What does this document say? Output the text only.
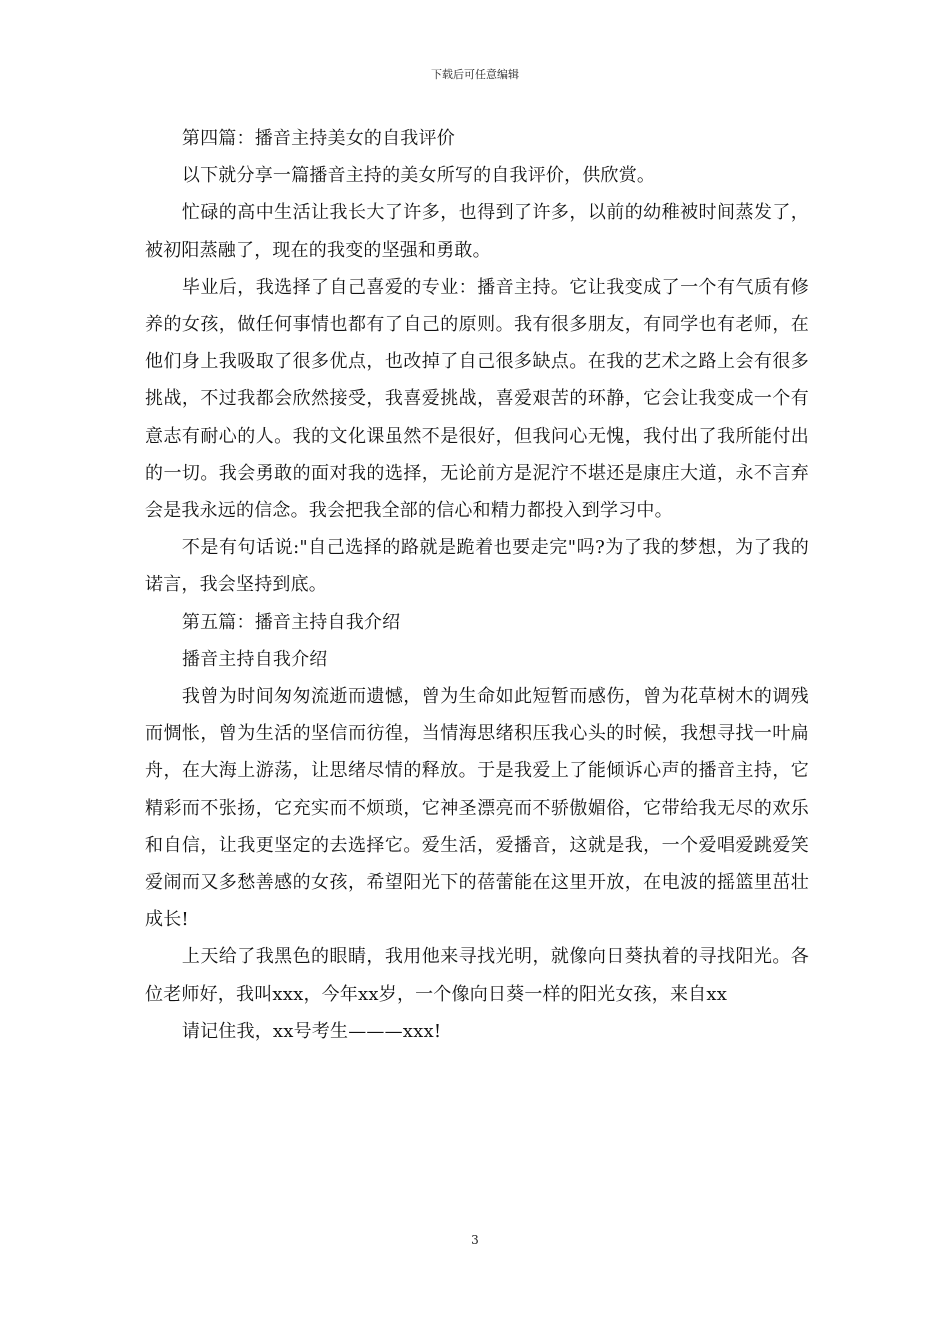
下载后可任意编辑

第四篇：播音主持美女的自我评价

以下就分享一篇播音主持的美女所写的自我评价，供欣赏。

忙碌的高中生活让我长大了许多，也得到了许多，以前的幼稚被时间蒸发了，被初阳蒸融了，现在的我变的坚强和勇敢。

毕业后，我选择了自己喜爱的专业：播音主持。它让我变成了一个有气质有修养的女孩，做任何事情也都有了自己的原则。我有很多朋友，有同学也有老师，在他们身上我吸取了很多优点，也改掉了自己很多缺点。在我的艺术之路上会有很多挑战，不过我都会欣然接受，我喜爱挑战，喜爱艰苦的环静，它会让我变成一个有意志有耐心的人。我的文化课虽然不是很好，但我问心无愧，我付出了我所能付出的一切。我会勇敢的面对我的选择，无论前方是泥泞不堪还是康庄大道，永不言弃会是我永远的信念。我会把我全部的信心和精力都投入到学习中。

不是有句话说:"自己选择的路就是跪着也要走完"吗?为了我的梦想，为了我的诺言，我会坚持到底。

第五篇：播音主持自我介绍

播音主持自我介绍

我曾为时间匆匆流逝而遗憾，曾为生命如此短暂而感伤，曾为花草树木的调残而惆怅，曾为生活的坚信而彷徨，当情海思绪积压我心头的时候，我想寻找一叶扁舟，在大海上游荡，让思绪尽情的释放。于是我爱上了能倾诉心声的播音主持，它精彩而不张扬，它充实而不烦琐，它神圣漂亮而不骄傲媚俗，它带给我无尽的欢乐和自信，让我更坚定的去选择它。爱生活，爱播音，这就是我，一个爱唱爱跳爱笑爱闹而又多愁善感的女孩，希望阳光下的蓓蕾能在这里开放，在电波的摇篮里茁壮成长!

上天给了我黑色的眼睛，我用他来寻找光明，就像向日葵执着的寻找阳光。各位老师好，我叫xxx，今年xx岁，一个像向日葵一样的阳光女孩，来自xx

请记住我，xx号考生———xxx!

3
